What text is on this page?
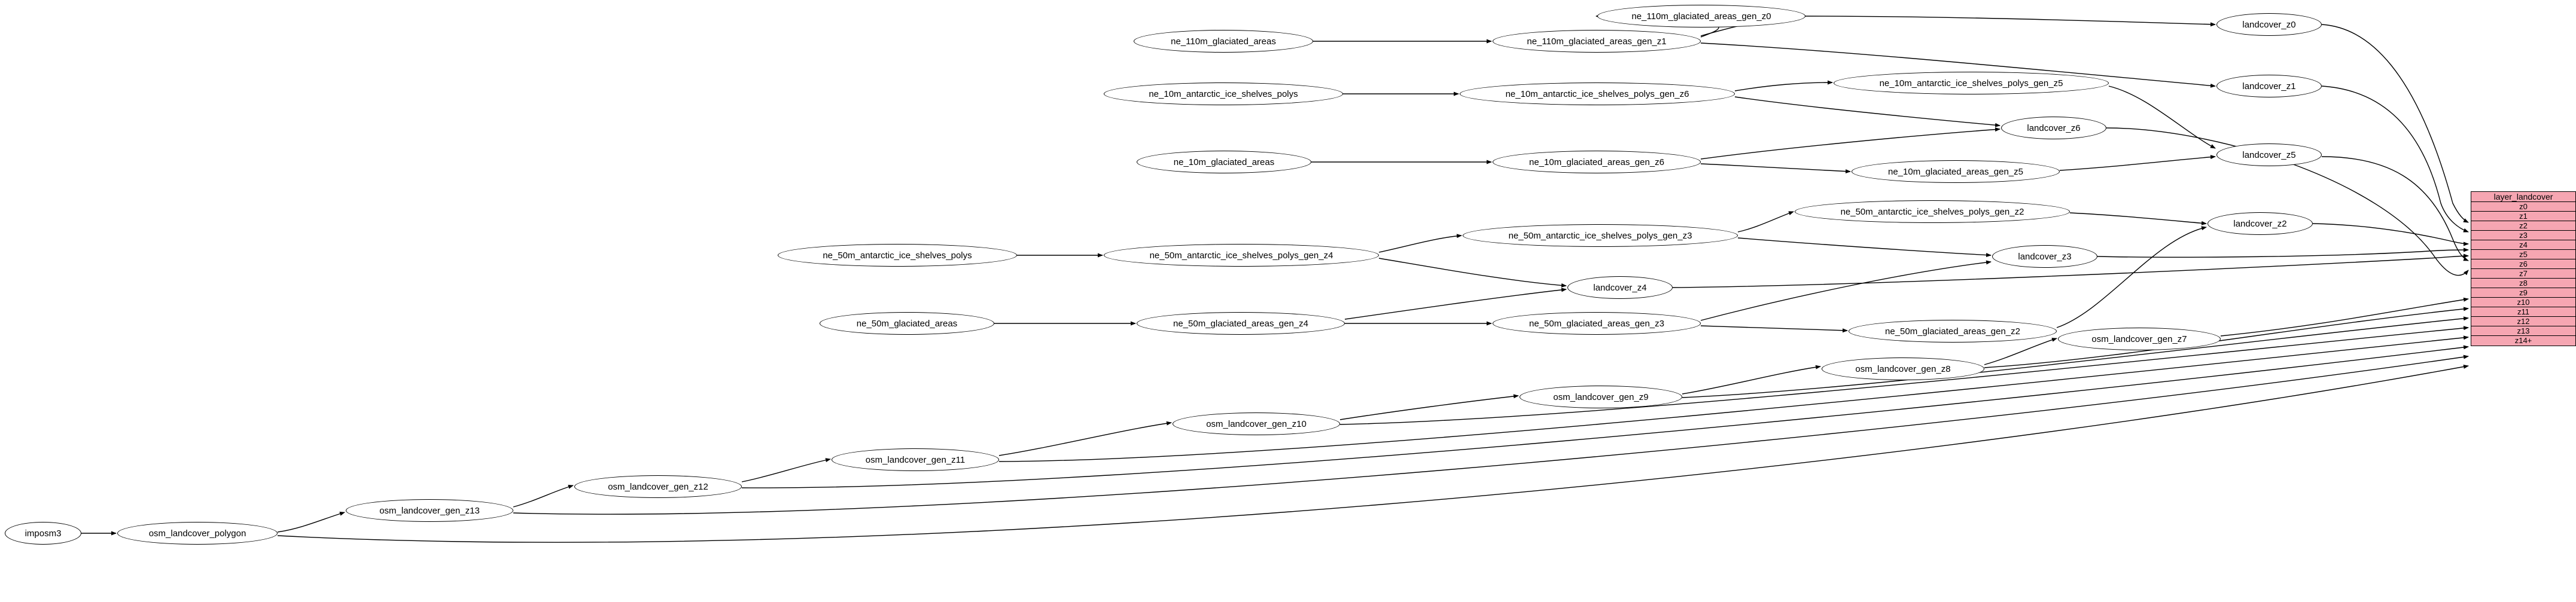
layer_landcover
z0
z1
z2
z3
z4
z5
z6
z7
z8
z9
z10
z11
z12
z13
z14+
imposm3	osm_landcover_polygon
osm_landcover_gen_z13
osm_landcover_gen_z12
osm_landcover_gen_z11
osm_landcover_gen_z10
osm_landcover_gen_z9
osm_landcover_gen_z8
osm_landcover_gen_z7
ne_110m_glaciated_areas	ne_110m_glaciated_areas_gen_z1
ne_110m_glaciated_areas_gen_z0
landcover_z0
ne_10m_antarctic_ice_shelves_polys	ne_10m_antarctic_ice_shelves_polys_gen_z6
ne_10m_antarctic_ice_shelves_polys_gen_z5	landcover_z1
landcover_z6
ne_10m_glaciated_areas	ne_10m_glaciated_areas_gen_z6
ne_10m_glaciated_areas_gen_z5
landcover_z5
ne_50m_antarctic_ice_shelves_polys	ne_50m_antarctic_ice_shelves_polys_gen_z4
ne_50m_antarctic_ice_shelves_polys_gen_z3
ne_50m_antarctic_ice_shelves_polys_gen_z2
landcover_z2
landcover_z3
landcover_z4
ne_50m_glaciated_areas	ne_50m_glaciated_areas_gen_z4	ne_50m_glaciated_areas_gen_z3
ne_50m_glaciated_areas_gen_z2
